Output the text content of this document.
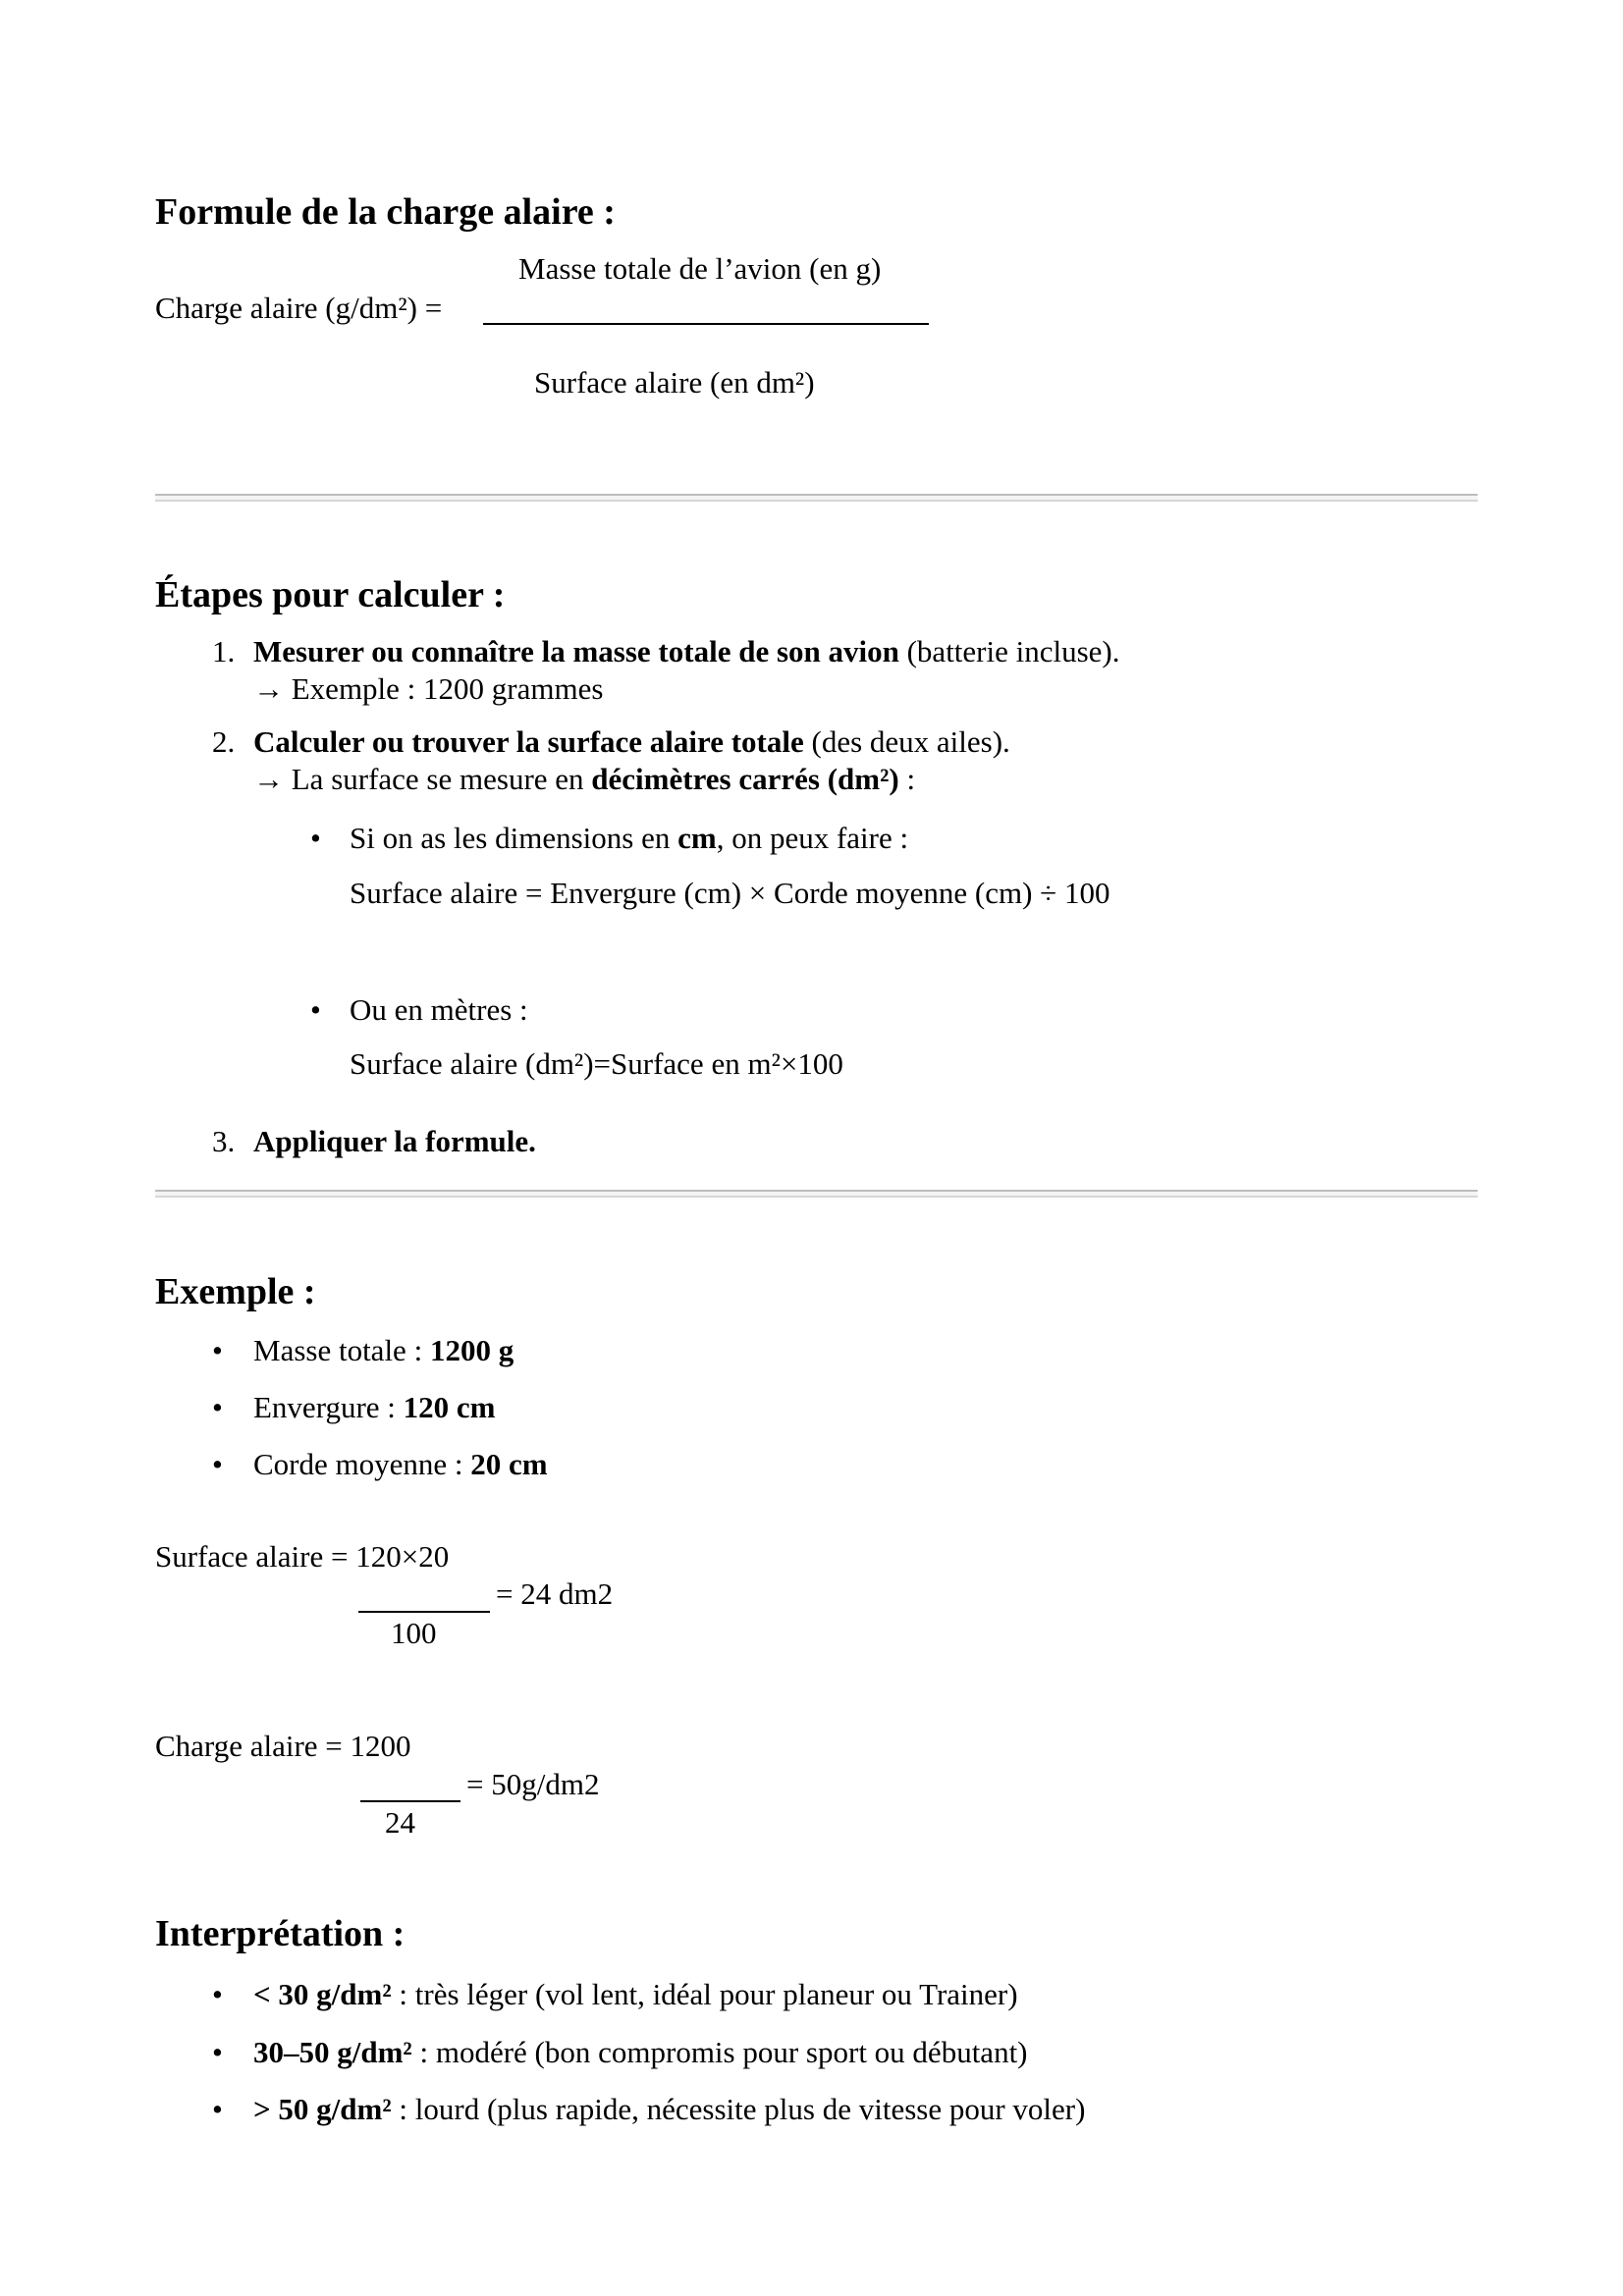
Formule de la charge alaire :
Masse totale de l’avion (en g)
Charge alaire (g/dm²) =
Surface alaire (en dm²)
Étapes pour calculer :
1. Mesurer ou connaître la masse totale de son avion (batterie incluse).
→ Exemple : 1200 grammes
2. Calculer ou trouver la surface alaire totale (des deux ailes).
→ La surface se mesure en décimètres carrés (dm²) :
• Si on as les dimensions en cm, on peux faire :
Surface alaire = Envergure (cm) × Corde moyenne (cm) ÷ 100
• Ou en mètres :
Surface alaire (dm²)=Surface en m²×100
3. Appliquer la formule.
Exemple :
• Masse totale : 1200 g
• Envergure : 120 cm
• Corde moyenne : 20 cm
Surface alaire = 120×20
= 24 dm2
100
Charge alaire = 1200
= 50g/dm2
24
Interprétation :
• < 30 g/dm² : très léger (vol lent, idéal pour planeur ou Trainer)
• 30–50 g/dm² : modéré (bon compromis pour sport ou débutant)
• > 50 g/dm² : lourd (plus rapide, nécessite plus de vitesse pour voler)
